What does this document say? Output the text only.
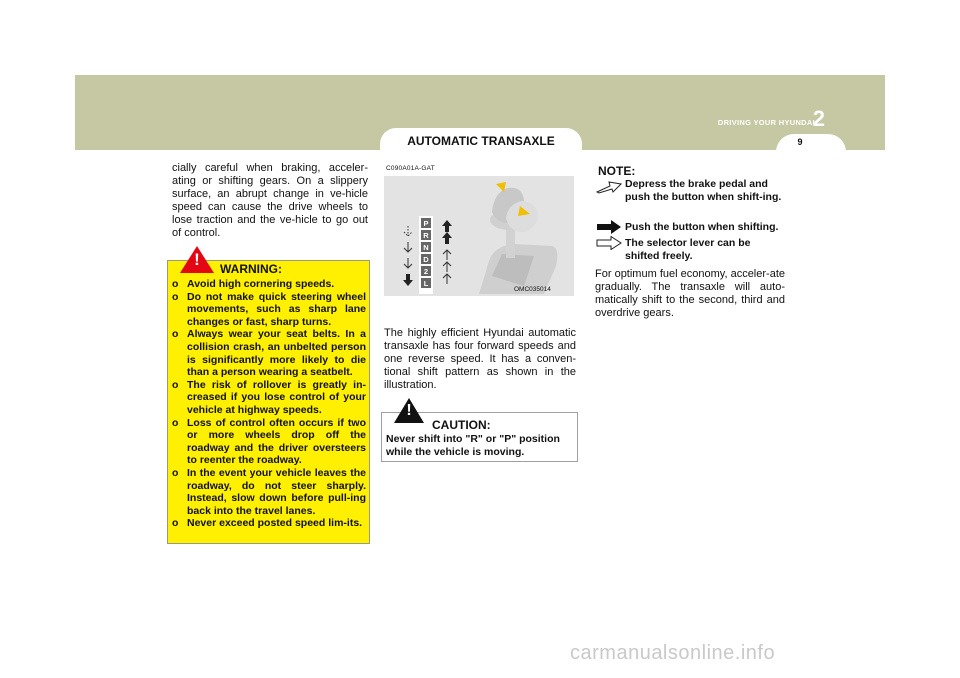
DRIVING YOUR HYUNDAI
2
9
AUTOMATIC TRANSAXLE
cially careful when braking, acceler-ating or shifting gears. On a slippery surface, an abrupt change in ve-hicle speed can cause the drive wheels to lose traction and the ve-hicle to go out of control.
!	WARNING:
o Avoid high cornering speeds.
o Do not make quick steering wheel movements, such as sharp lane changes or fast, sharp turns.
o Always wear your seat belts. In a collision crash, an unbelted person is significantly more likely to die than a person wearing a seatbelt.
o The risk of rollover is greatly in-creased if you lose control of your vehicle at highway speeds.
o Loss of control often occurs if two or more wheels drop off the roadway and the driver oversteers to reenter the roadway.
o In the event your vehicle leaves the roadway, do not steer sharply. Instead, slow down before pull-ing back into the travel lanes.
o Never exceed posted speed lim-its.
C090A01A-GAT
P
R
N
D
2
L
OMC035014
The highly efficient Hyundai automatic transaxle has four forward speeds and one reverse speed. It has a conven-tional shift pattern as shown in the illustration.
!
CAUTION:
Never shift into "R" or "P" position while the vehicle is moving.
NOTE:
Depress the brake pedal and push the button when shift-ing.
Push the button when shifting.
The selector lever can be shifted freely.
For optimum fuel economy, acceler-ate gradually. The transaxle will auto-matically shift to the second, third and overdrive gears.
carmanualsonline.info
